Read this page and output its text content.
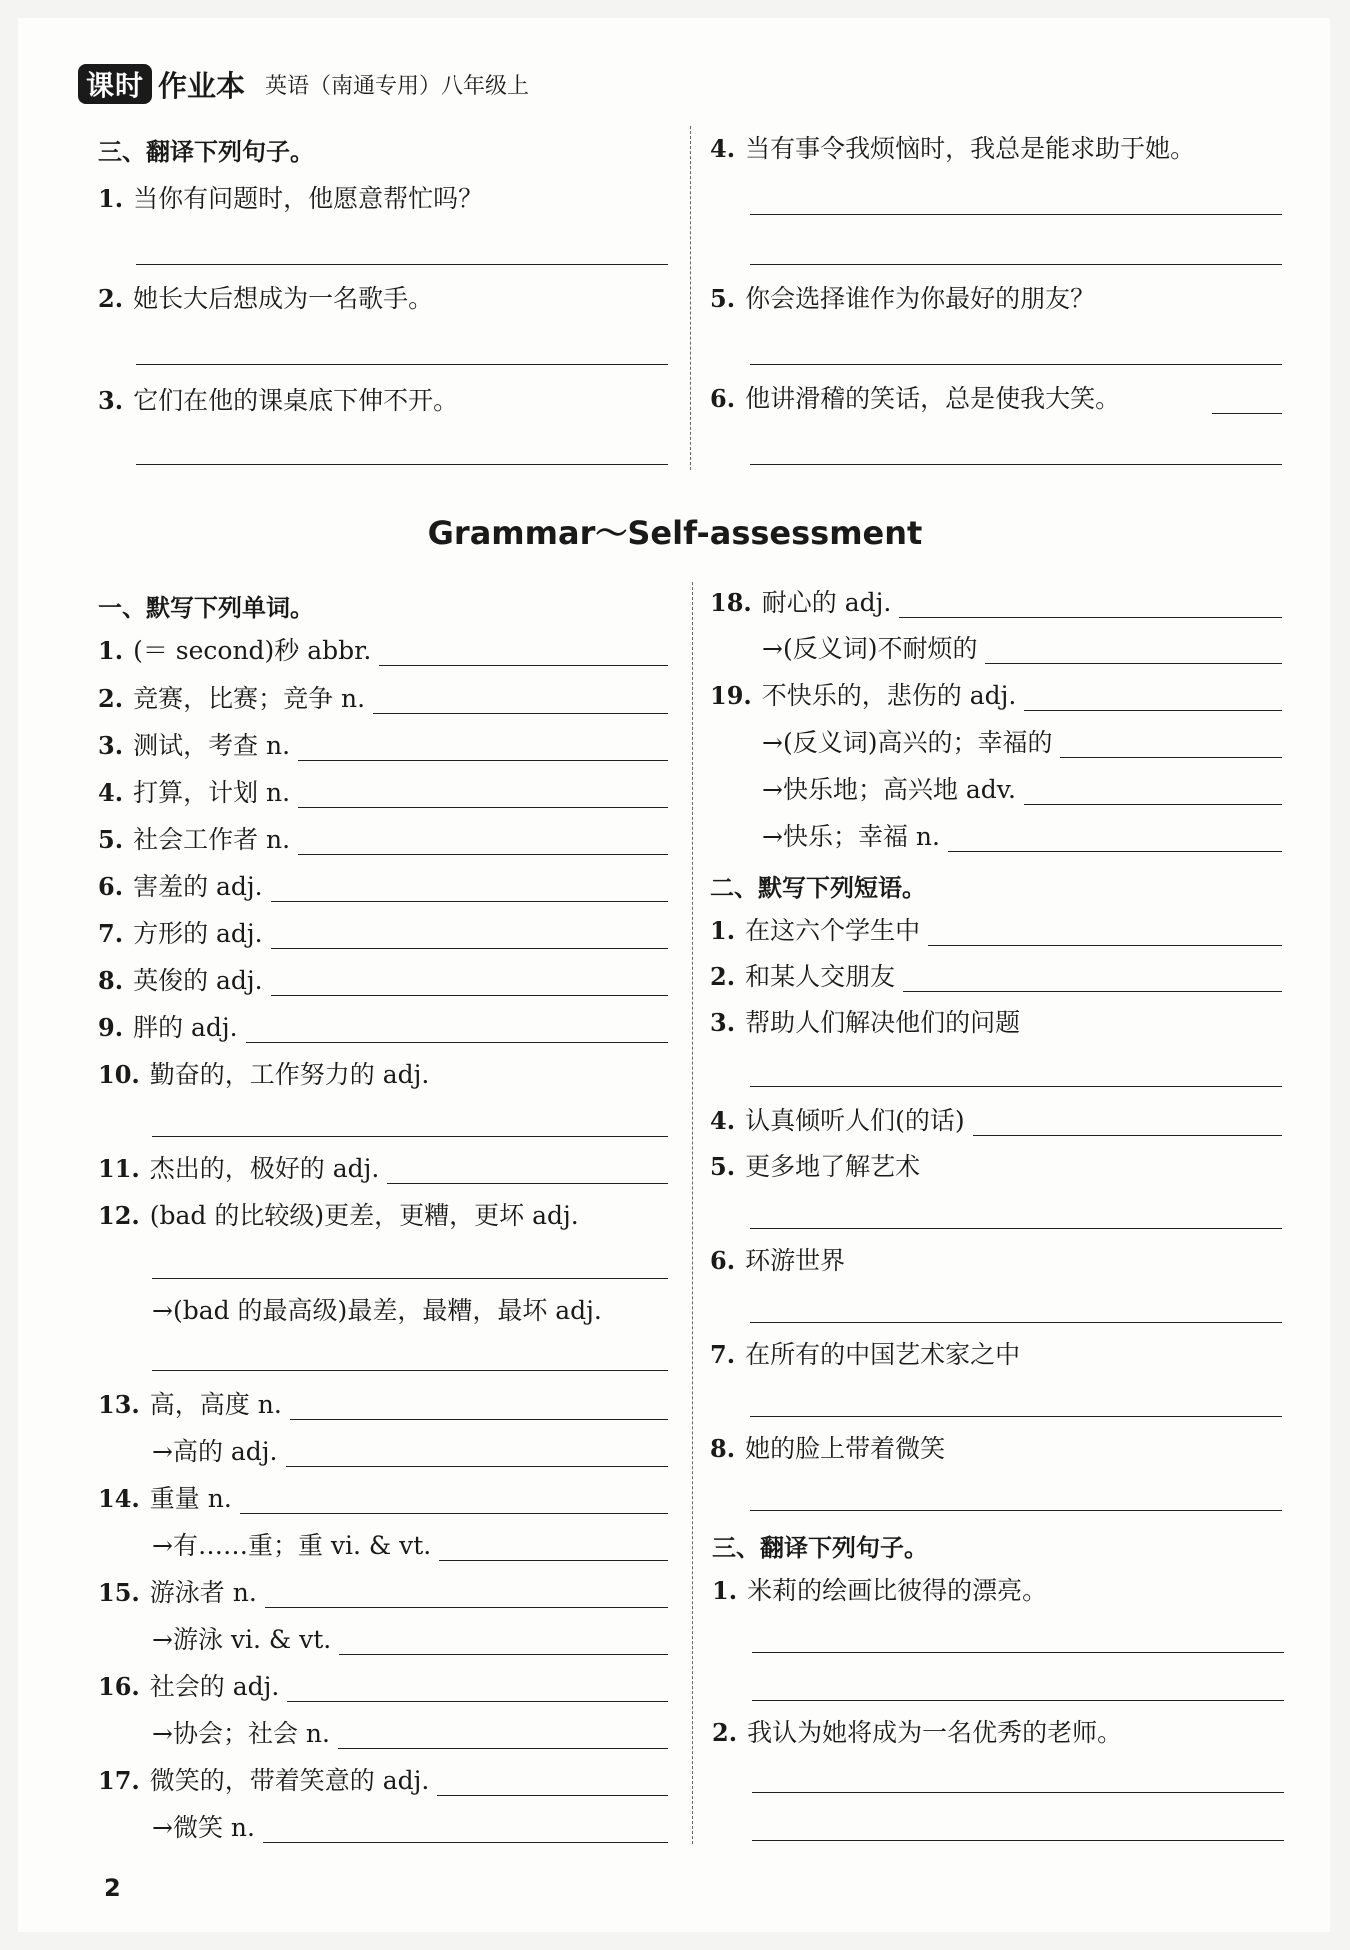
课时 作业本 英语（南通专用）八年级上
三、翻译下列句子。
1. 当你有问题时，他愿意帮忙吗？
2. 她长大后想成为一名歌手。
3. 它们在他的课桌底下伸不开。
4. 当有事令我烦恼时，我总是能求助于她。
5. 你会选择谁作为你最好的朋友？
6. 他讲滑稽的笑话，总是使我大笑。
Grammar～Self-assessment
一、默写下列单词。
1. (＝ second)秒 abbr.
2. 竞赛，比赛；竞争 n.
3. 测试，考查 n.
4. 打算，计划 n.
5. 社会工作者 n.
6. 害羞的 adj.
7. 方形的 adj.
8. 英俊的 adj.
9. 胖的 adj.
10. 勤奋的，工作努力的 adj.
11. 杰出的，极好的 adj.
12. (bad 的比较级)更差，更糟，更坏 adj.
→(bad 的最高级)最差，最糟，最坏 adj.
13. 高，高度 n.
→高的 adj.
14. 重量 n.
→有……重；重 vi. & vt.
15. 游泳者 n.
→游泳 vi. & vt.
16. 社会的 adj.
→协会；社会 n.
17. 微笑的，带着笑意的 adj.
→微笑 n.
18. 耐心的 adj.
→(反义词)不耐烦的
19. 不快乐的，悲伤的 adj.
→(反义词)高兴的；幸福的
→快乐地；高兴地 adv.
→快乐；幸福 n.
二、默写下列短语。
1. 在这六个学生中
2. 和某人交朋友
3. 帮助人们解决他们的问题
4. 认真倾听人们(的话)
5. 更多地了解艺术
6. 环游世界
7. 在所有的中国艺术家之中
8. 她的脸上带着微笑
三、翻译下列句子。
1. 米莉的绘画比彼得的漂亮。
2. 我认为她将成为一名优秀的老师。
2
